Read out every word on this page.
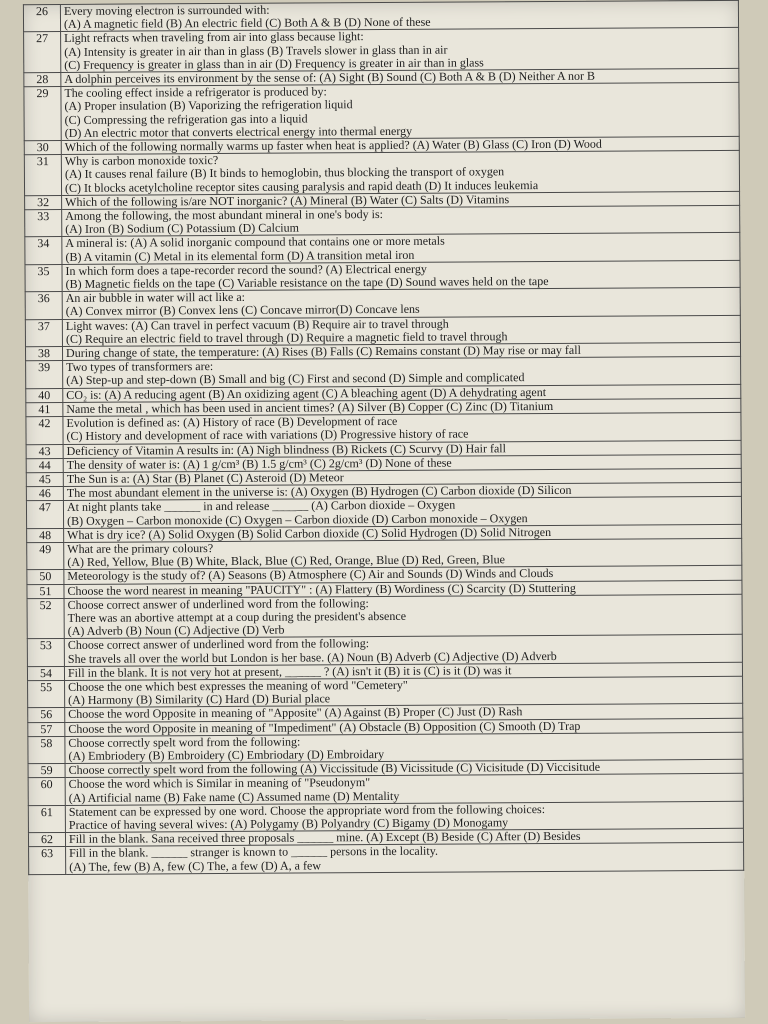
26	Every moving electron is surrounded with:
(A) A magnetic field (B) An electric field (C) Both A & B (D) None of these

27	Light refracts when traveling from air into glass because light:
(A) Intensity is greater in air than in glass (B) Travels slower in glass than in air
(C) Frequency is greater in glass than in air (D) Frequency is greater in air than in glass

28	A dolphin perceives its environment by the sense of: (A) Sight (B) Sound (C) Both A & B (D) Neither A nor B

29	The cooling effect inside a refrigerator is produced by:
(A) Proper insulation (B) Vaporizing the refrigeration liquid
(C) Compressing the refrigeration gas into a liquid
(D) An electric motor that converts electrical energy into thermal energy

30	Which of the following normally warms up faster when heat is applied? (A) Water (B) Glass (C) Iron (D) Wood

31	Why is carbon monoxide toxic?
(A) It causes renal failure (B) It binds to hemoglobin, thus blocking the transport of oxygen
(C) It blocks acetylcholine receptor sites causing paralysis and rapid death (D) It induces leukemia

32	Which of the following is/are NOT inorganic? (A) Mineral (B) Water (C) Salts (D) Vitamins

33	Among the following, the most abundant mineral in one's body is:
(A) Iron (B) Sodium (C) Potassium (D) Calcium

34	A mineral is: (A) A solid inorganic compound that contains one or more metals
(B) A vitamin (C) Metal in its elemental form (D) A transition metal iron

35	In which form does a tape-recorder record the sound? (A) Electrical energy
(B) Magnetic fields on the tape (C) Variable resistance on the tape (D) Sound waves held on the tape

36	An air bubble in water will act like a:
(A) Convex mirror (B) Convex lens (C) Concave mirror(D) Concave lens

37	Light waves: (A) Can travel in perfect vacuum (B) Require air to travel through
(C) Require an electric field to travel through (D) Require a magnetic field to travel through

38	During change of state, the temperature: (A) Rises (B) Falls (C) Remains constant (D) May rise or may fall

39	Two types of transformers are:
(A) Step-up and step-down (B) Small and big (C) First and second (D) Simple and complicated

40	CO₂ is: (A) A reducing agent (B) An oxidizing agent (C) A bleaching agent (D) A dehydrating agent

41	Name the metal , which has been used in ancient times? (A) Silver (B) Copper (C) Zinc (D) Titanium

42	Evolution is defined as: (A) History of race (B) Development of race
(C) History and development of race with variations (D) Progressive history of race

43	Deficiency of Vitamin A results in: (A) Nigh blindness (B) Rickets (C) Scurvy (D) Hair fall

44	The density of water is: (A) 1 g/cm³ (B) 1.5 g/cm³ (C) 2g/cm³ (D) None of these

45	The Sun is a: (A) Star (B) Planet (C) Asteroid (D) Meteor

46	The most abundant element in the universe is: (A) Oxygen (B) Hydrogen (C) Carbon dioxide (D) Silicon

47	At night plants take ______ in and release ______ (A) Carbon dioxide – Oxygen
(B) Oxygen – Carbon monoxide (C) Oxygen – Carbon dioxide (D) Carbon monoxide – Oxygen

48	What is dry ice? (A) Solid Oxygen (B) Solid Carbon dioxide (C) Solid Hydrogen (D) Solid Nitrogen

49	What are the primary colours?
(A) Red, Yellow, Blue (B) White, Black, Blue (C) Red, Orange, Blue (D) Red, Green, Blue

50	Meteorology is the study of? (A) Seasons (B) Atmosphere (C) Air and Sounds (D) Winds and Clouds

51	Choose the word nearest in meaning "PAUCITY" : (A) Flattery (B) Wordiness (C) Scarcity (D) Stuttering

52	Choose correct answer of underlined word from the following:
There was an abortive attempt at a coup during the president's absence
(A) Adverb (B) Noun (C) Adjective (D) Verb

53	Choose correct answer of underlined word from the following:
She travels all over the world but London is her base. (A) Noun (B) Adverb (C) Adjective (D) Adverb

54	Fill in the blank. It is not very hot at present, ______ ? (A) isn't it (B) it is (C) is it (D) was it

55	Choose the one which best expresses the meaning of word "Cemetery"
(A) Harmony (B) Similarity (C) Hard (D) Burial place

56	Choose the word Opposite in meaning of "Apposite" (A) Against (B) Proper (C) Just (D) Rash

57	Choose the word Opposite in meaning of "Impediment" (A) Obstacle (B) Opposition (C) Smooth (D) Trap

58	Choose correctly spelt word from the following:
(A) Embriodery (B) Embroidery (C) Embriodary (D) Embroidary

59	Choose correctly spelt word from the following (A) Viccissitude (B) Vicissitude (C) Vicisitude (D) Viccisitude

60	Choose the word which is Similar in meaning of "Pseudonym"
(A) Artificial name (B) Fake name (C) Assumed name (D) Mentality

61	Statement can be expressed by one word. Choose the appropriate word from the following choices:
Practice of having several wives: (A) Polygamy (B) Polyandry (C) Bigamy (D) Monogamy

62	Fill in the blank. Sana received three proposals ______ mine. (A) Except (B) Beside (C) After (D) Besides

63	Fill in the blank. ______ stranger is known to ______ persons in the locality.
(A) The, few (B) A, few (C) The, a few (D) A, a few
